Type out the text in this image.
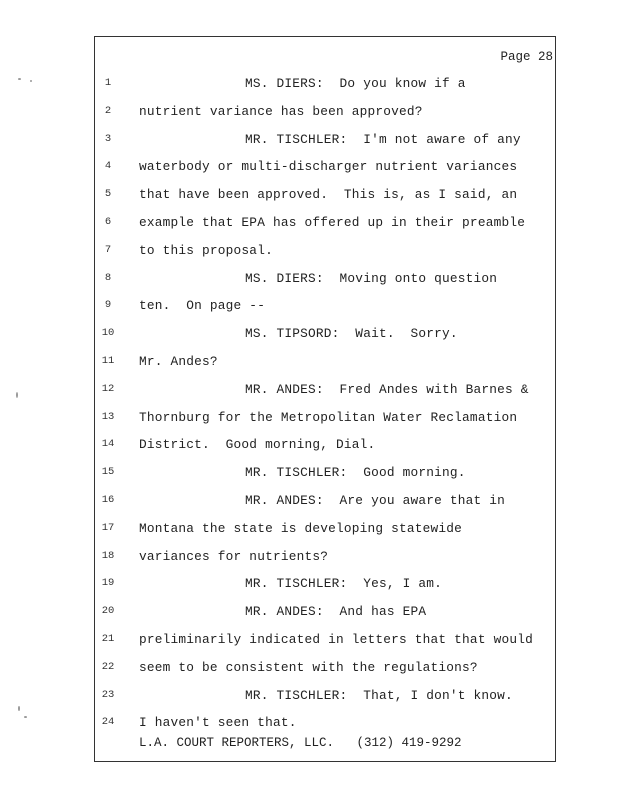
Page 28
1	MS. DIERS:  Do you know if a
2	nutrient variance has been approved?
3	MR. TISCHLER:  I'm not aware of any
4	waterbody or multi-discharger nutrient variances
5	that have been approved.  This is, as I said, an
6	example that EPA has offered up in their preamble
7	to this proposal.
8	MS. DIERS:  Moving onto question
9	ten.  On page --
10	MS. TIPSORD:  Wait.  Sorry.
11	Mr. Andes?
12	MR. ANDES:  Fred Andes with Barnes &
13	Thornburg for the Metropolitan Water Reclamation
14	District.  Good morning, Dial.
15	MR. TISCHLER:  Good morning.
16	MR. ANDES:  Are you aware that in
17	Montana the state is developing statewide
18	variances for nutrients?
19	MR. TISCHLER:  Yes, I am.
20	MR. ANDES:  And has EPA
21	preliminarily indicated in letters that that would
22	seem to be consistent with the regulations?
23	MR. TISCHLER:  That, I don't know.
24	I haven't seen that.
L.A. COURT REPORTERS, LLC.   (312) 419-9292
